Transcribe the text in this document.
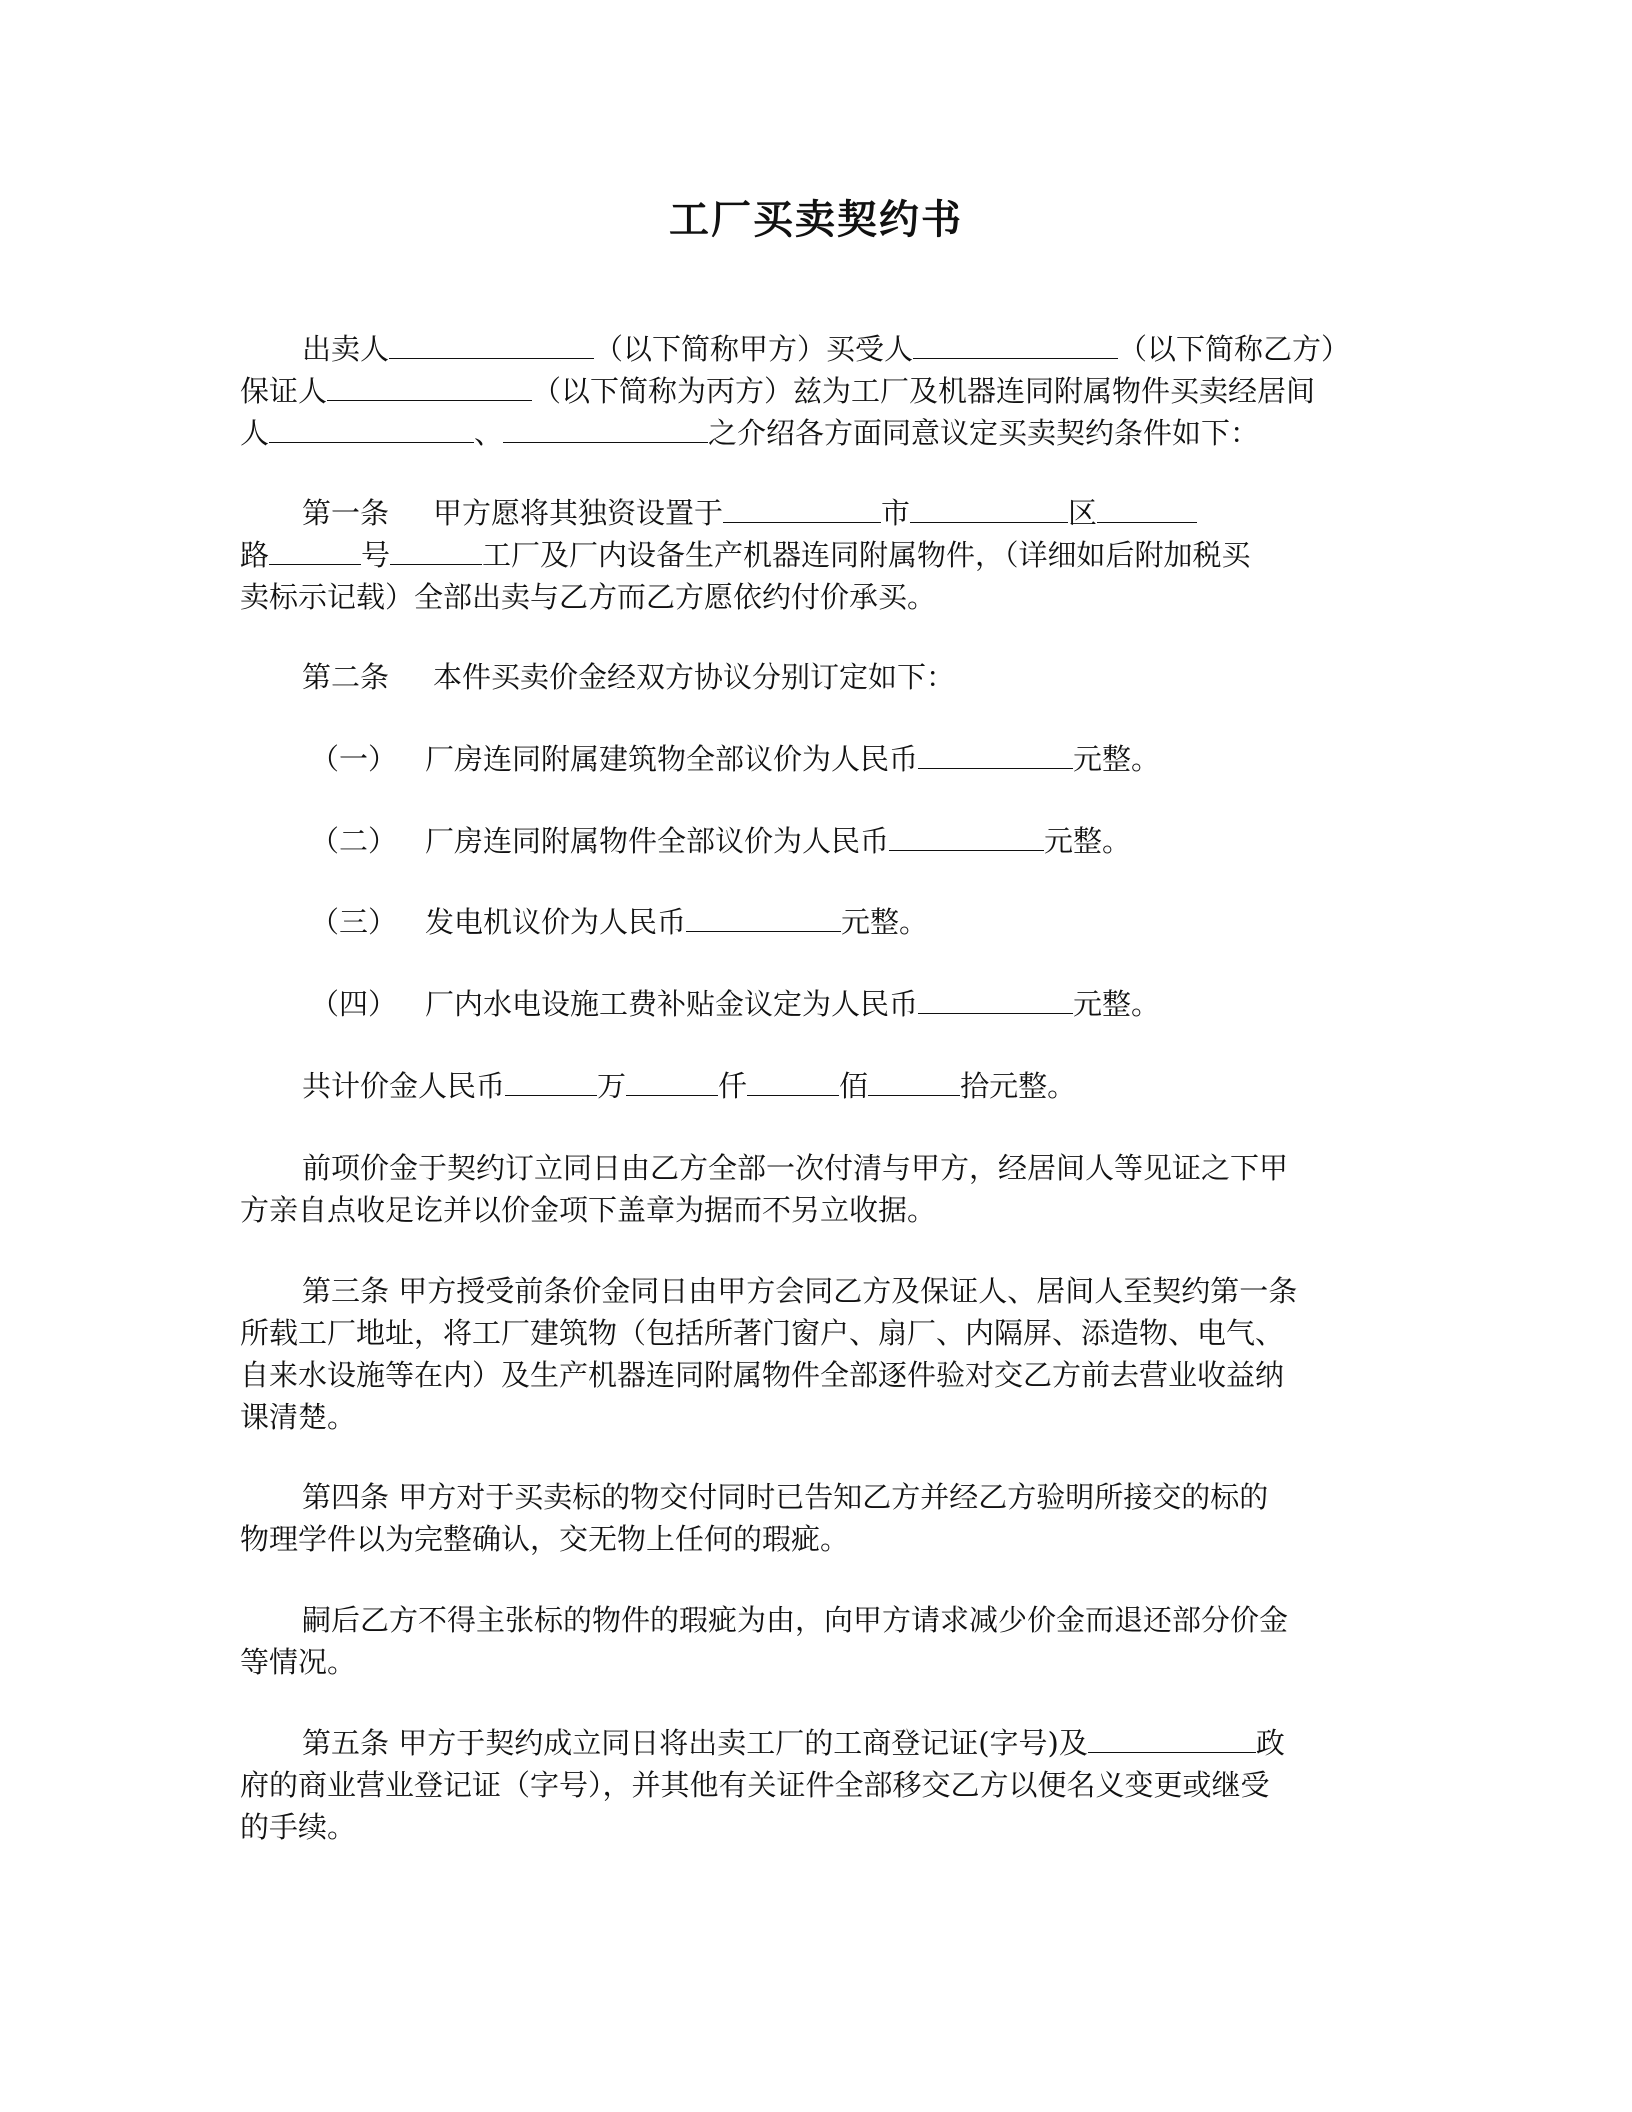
工厂买卖契约书
出卖人	（以下简称甲方）买受人	（以下简称乙方）
保证人	（以下简称为丙方）兹为工厂及机器连同附属物件买卖经居间
人	、	之介绍各方面同意议定买卖契约条件如下：
第一条 甲方愿将其独资设置于	市	区
路	号	工厂及厂内设备生产机器连同附属物件，（详细如后附加税买
卖标示记载）全部出卖与乙方而乙方愿依约付价承买。
第二条 本件买卖价金经双方协议分别订定如下：
（一） 厂房连同附属建筑物全部议价为人民币	元整。
（二） 厂房连同附属物件全部议价为人民币	元整。
（三） 发电机议价为人民币	元整。
（四） 厂内水电设施工费补贴金议定为人民币	元整。
共计价金人民币	万	仟	佰	拾元整。
前项价金于契约订立同日由乙方全部一次付清与甲方，经居间人等见证之下甲
方亲自点收足讫并以价金项下盖章为据而不另立收据。
第三条 甲方授受前条价金同日由甲方会同乙方及保证人、居间人至契约第一条
所载工厂地址，将工厂建筑物（包括所著门窗户、扇厂、内隔屏、添造物、电气、
自来水设施等在内）及生产机器连同附属物件全部逐件验对交乙方前去营业收益纳
课清楚。
第四条 甲方对于买卖标的物交付同时已告知乙方并经乙方验明所接交的标的
物理学件以为完整确认，交无物上任何的瑕疵。
嗣后乙方不得主张标的物件的瑕疵为由，向甲方请求减少价金而退还部分价金
等情况。
第五条 甲方于契约成立同日将出卖工厂的工商登记证(字号)及	政
府的商业营业登记证（字号），并其他有关证件全部移交乙方以便名义变更或继受
的手续。
